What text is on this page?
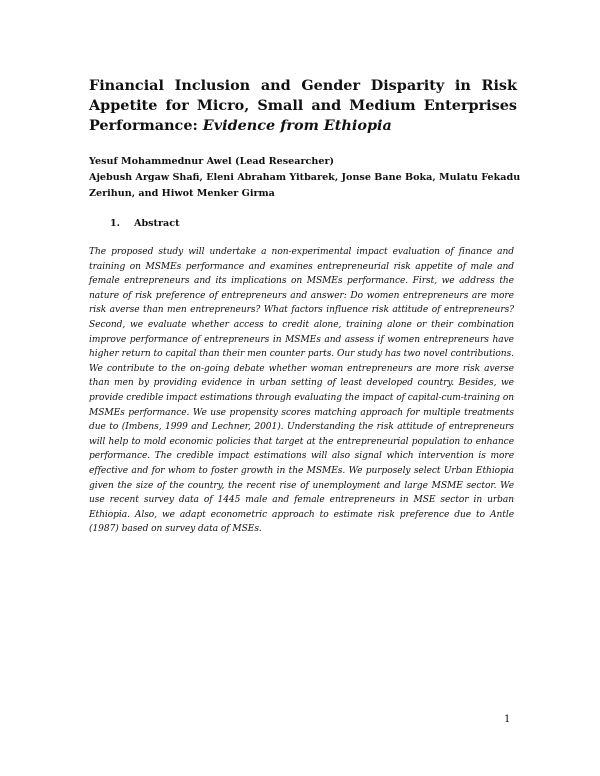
Financial Inclusion and Gender Disparity in Risk Appetite for Micro, Small and Medium Enterprises Performance: Evidence from Ethiopia
Yesuf Mohammednur Awel (Lead Researcher)
Ajebush Argaw Shafi, Eleni Abraham Yitbarek, Jonse Bane Boka, Mulatu Fekadu Zerihun, and Hiwot Menker Girma
1. Abstract

The proposed study will undertake a non-experimental impact evaluation of finance and training on MSMEs performance and examines entrepreneurial risk appetite of male and female entrepreneurs and its implications on MSMEs performance. First, we address the nature of risk preference of entrepreneurs and answer: Do women entrepreneurs are more risk averse than men entrepreneurs? What factors influence risk attitude of entrepreneurs? Second, we evaluate whether access to credit alone, training alone or their combination improve performance of entrepreneurs in MSMEs and assess if women entrepreneurs have higher return to capital than their men counter parts. Our study has two novel contributions. We contribute to the on-going debate whether woman entrepreneurs are more risk averse than men by providing evidence in urban setting of least developed country. Besides, we provide credible impact estimations through evaluating the impact of capital-cum-training on MSMEs performance. We use propensity scores matching approach for multiple treatments due to (Imbens, 1999 and Lechner, 2001). Understanding the risk attitude of entrepreneurs will help to mold economic policies that target at the entrepreneurial population to enhance performance. The credible impact estimations will also signal which intervention is more effective and for whom to foster growth in the MSMEs. We purposely select Urban Ethiopia given the size of the country, the recent rise of unemployment and large MSME sector. We use recent survey data of 1445 male and female entrepreneurs in MSE sector in urban Ethiopia. Also, we adapt econometric approach to estimate risk preference due to Antle (1987) based on survey data of MSEs.

1
